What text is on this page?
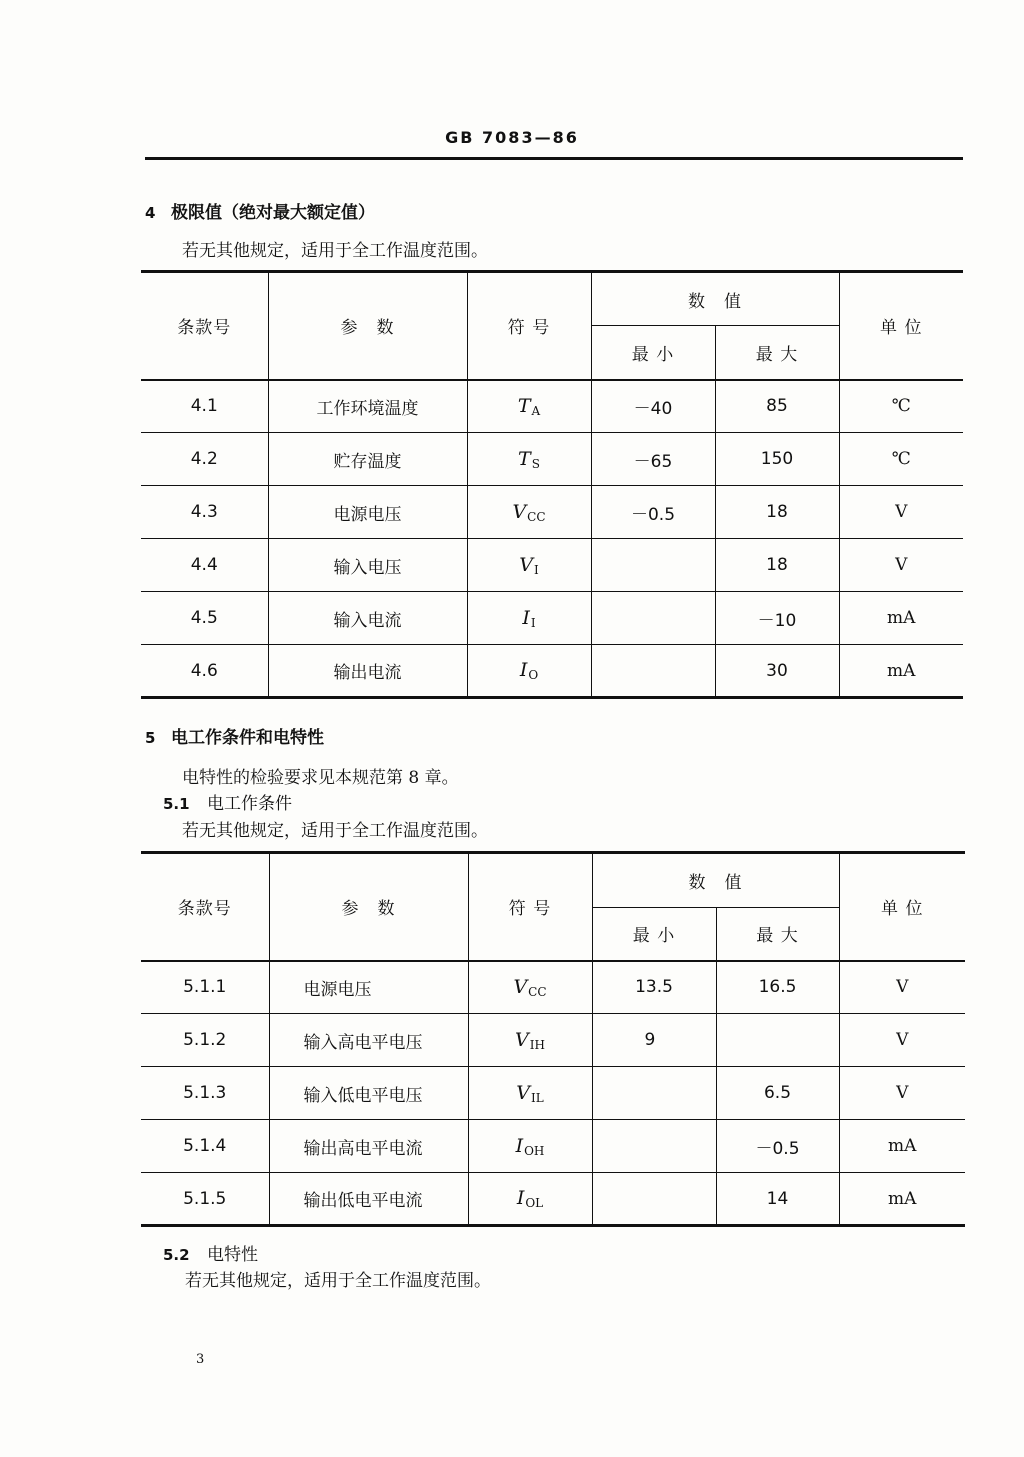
GB 7083—86
4 极限值（绝对最大额定值）
若无其他规定，适用于全工作温度范围。
条款号	参　数	符 号	数　值		单 位
			最 小	最 大	
4.1	工作环境温度	$T_A$	－40	85	℃
4.2	贮存温度	$T_S$	－65	150	℃
4.3	电源电压	$V_{CC}$	－0.5	18	V
4.4	输入电压	$V_I$		18	V
4.5	输入电流	$I_I$		－10	mA
4.6	输出电流	$I_O$		30	mA
5 电工作条件和电特性
电特性的检验要求见本规范第 8 章。
5.1 电工作条件
若无其他规定，适用于全工作温度范围。
条款号	参　数	符 号	数　值		单 位
			最 小	最 大	
5.1.1	电源电压	$V_{CC}$	13.5	16.5	V
5.1.2	输入高电平电压	$V_{IH}$	9		V
5.1.3	输入低电平电压	$V_{IL}$		6.5	V
5.1.4	输出高电平电流	$I_{OH}$		－0.5	mA
5.1.5	输出低电平电流	$I_{OL}$		14	mA
5.2 电特性
若无其他规定，适用于全工作温度范围。
3
